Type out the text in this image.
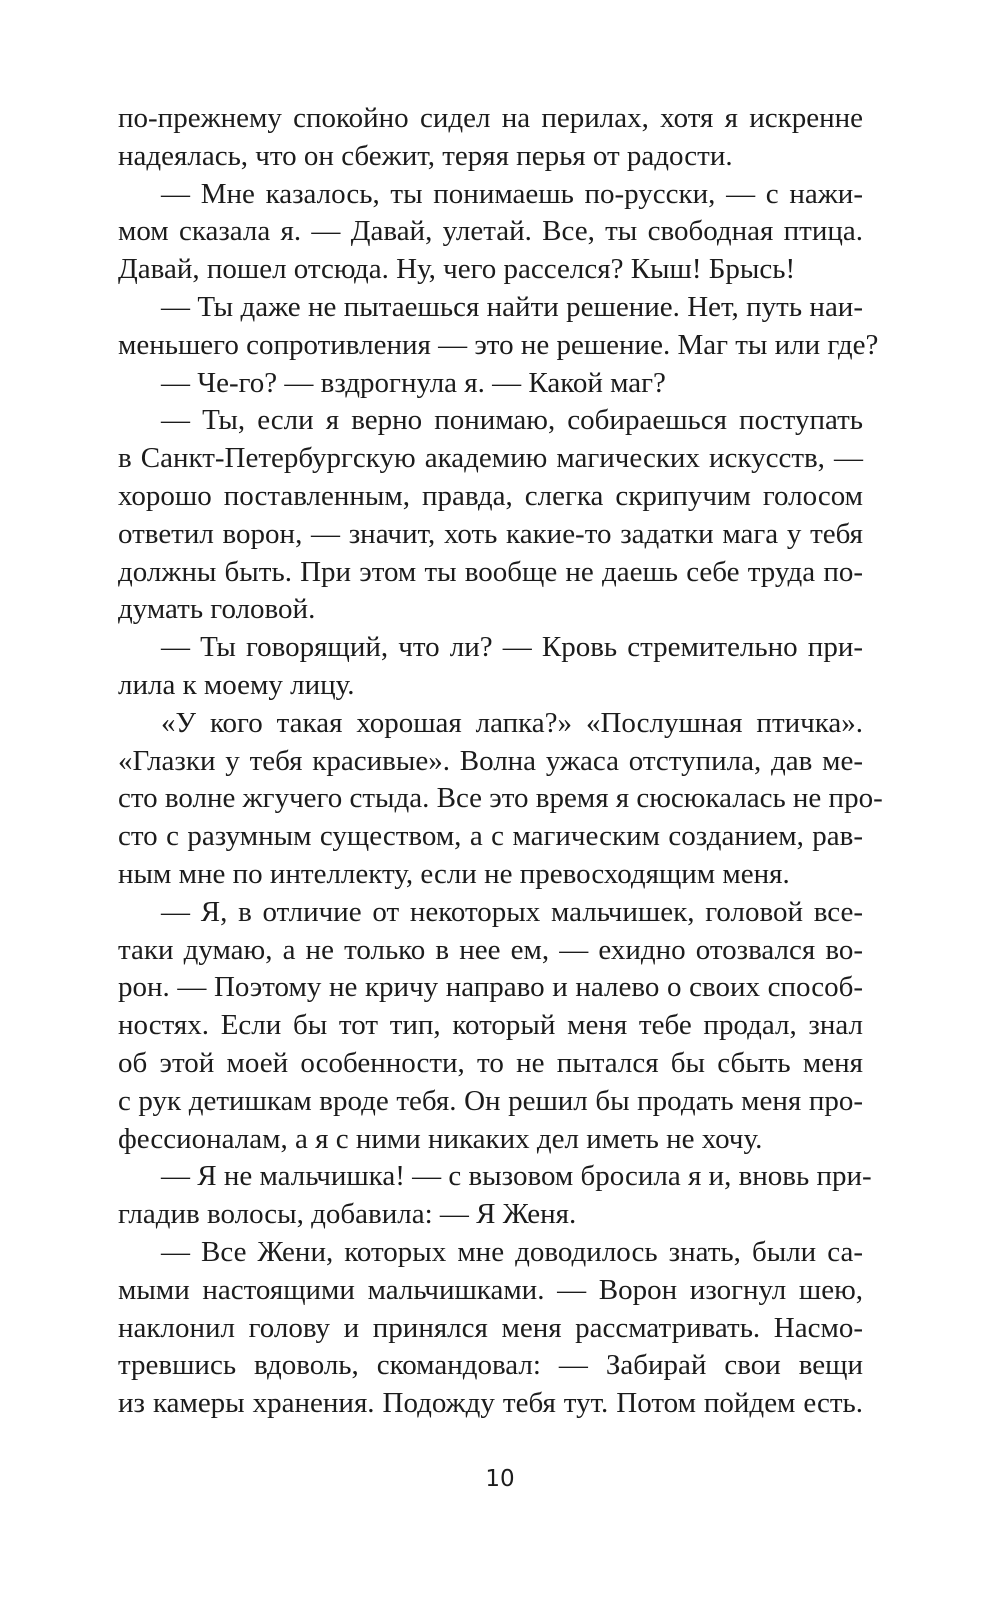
по-прежнему спокойно сидел на перилах, хотя я искренне
надеялась, что он сбежит, теряя перья от радости.
— Мне казалось, ты понимаешь по-русски, — с нажи-
мом сказала я. — Давай, улетай. Все, ты свободная птица.
Давай, пошел отсюда. Ну, чего расселся? Кыш! Брысь!
— Ты даже не пытаешься найти решение. Нет, путь наи-
меньшего сопротивления — это не решение. Маг ты или где?
— Че-го? — вздрогнула я. — Какой маг?
— Ты, если я верно понимаю, собираешься поступать
в Санкт-Петербургскую академию магических искусств, —
хорошо поставленным, правда, слегка скрипучим голосом
ответил ворон, — значит, хоть какие-то задатки мага у тебя
должны быть. При этом ты вообще не даешь себе труда по-
думать головой.
— Ты говорящий, что ли? — Кровь стремительно при-
лила к моему лицу.
«У кого такая хорошая лапка?» «Послушная птичка».
«Глазки у тебя красивые». Волна ужаса отступила, дав ме-
сто волне жгучего стыда. Все это время я сюсюкалась не про-
сто с разумным существом, а с магическим созданием, рав-
ным мне по интеллекту, если не превосходящим меня.
— Я, в отличие от некоторых мальчишек, головой все-
таки думаю, а не только в нее ем, — ехидно отозвался во-
рон. — Поэтому не кричу направо и налево о своих способ-
ностях. Если бы тот тип, который меня тебе продал, знал
об этой моей особенности, то не пытался бы сбыть меня
с рук детишкам вроде тебя. Он решил бы продать меня про-
фессионалам, а я с ними никаких дел иметь не хочу.
— Я не мальчишка! — с вызовом бросила я и, вновь при-
гладив волосы, добавила: — Я Женя.
— Все Жени, которых мне доводилось знать, были са-
мыми настоящими мальчишками. — Ворон изогнул шею,
наклонил голову и принялся меня рассматривать. Насмо-
тревшись вдоволь, скомандовал: — Забирай свои вещи
из камеры хранения. Подожду тебя тут. Потом пойдем есть.
10
